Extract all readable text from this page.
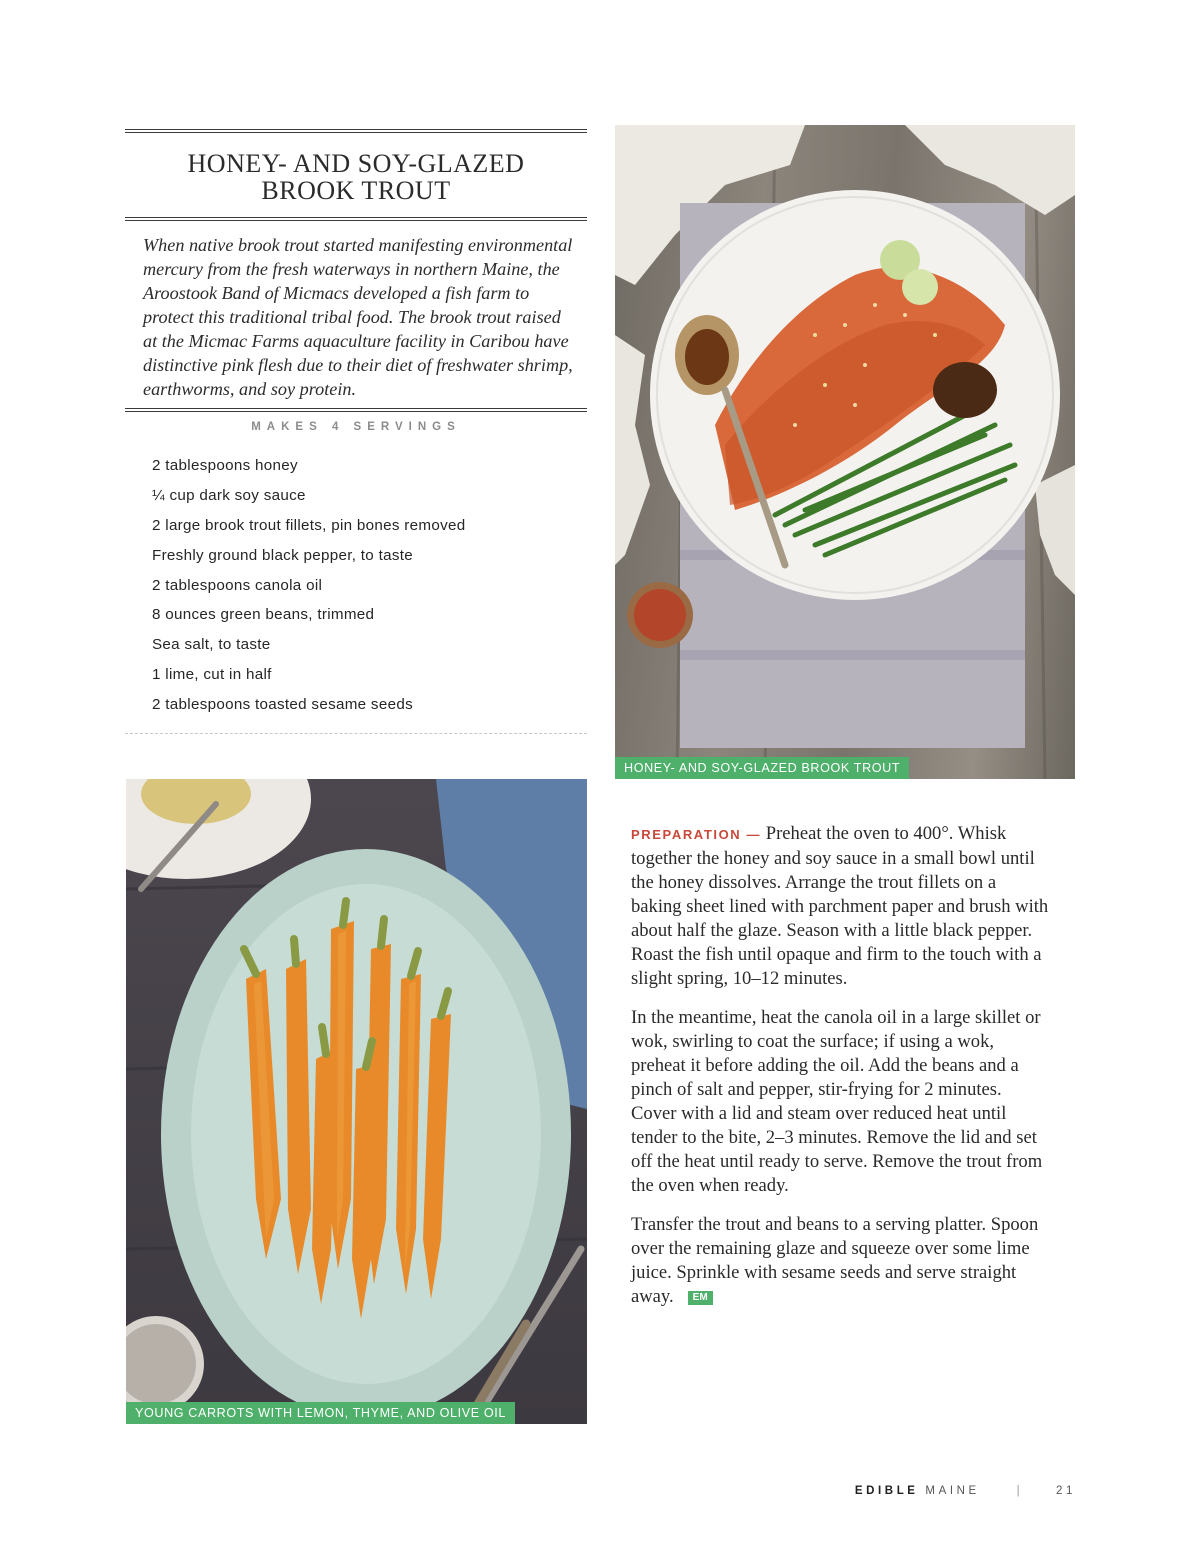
HONEY- AND SOY-GLAZED
BROOK TROUT

When native brook trout started manifesting environmental mercury from the fresh waterways in northern Maine, the Aroostook Band of Micmacs developed a fish farm to protect this traditional tribal food. The brook trout raised at the Micmac Farms aquaculture facility in Caribou have distinctive pink flesh due to their diet of freshwater shrimp, earthworms, and soy protein.

MAKES 4 SERVINGS
2 tablespoons honey
¼ cup dark soy sauce
2 large brook trout fillets, pin bones removed
Freshly ground black pepper, to taste
2 tablespoons canola oil
8 ounces green beans, trimmed
Sea salt, to taste
1 lime, cut in half
2 tablespoons toasted sesame seeds
HONEY- AND SOY-GLAZED BROOK TROUT
YOUNG CARROTS WITH LEMON, THYME, AND OLIVE OIL

PREPARATION — Preheat the oven to 400°. Whisk together the honey and soy sauce in a small bowl until the honey dissolves. Arrange the trout fillets on a baking sheet lined with parchment paper and brush with about half the glaze. Season with a little black pepper. Roast the fish until opaque and firm to the touch with a slight spring, 10–12 minutes.

In the meantime, heat the canola oil in a large skillet or wok, swirling to coat the surface; if using a wok, preheat it before adding the oil. Add the beans and a pinch of salt and pepper, stir-frying for 2 minutes. Cover with a lid and steam over reduced heat until tender to the bite, 2–3 minutes. Remove the lid and set off the heat until ready to serve. Remove the trout from the oven when ready.

Transfer the trout and beans to a serving platter. Spoon over the remaining glaze and squeeze over some lime juice. Sprinkle with sesame seeds and serve straight away. EM

EDIBLE MAINE	|	21
